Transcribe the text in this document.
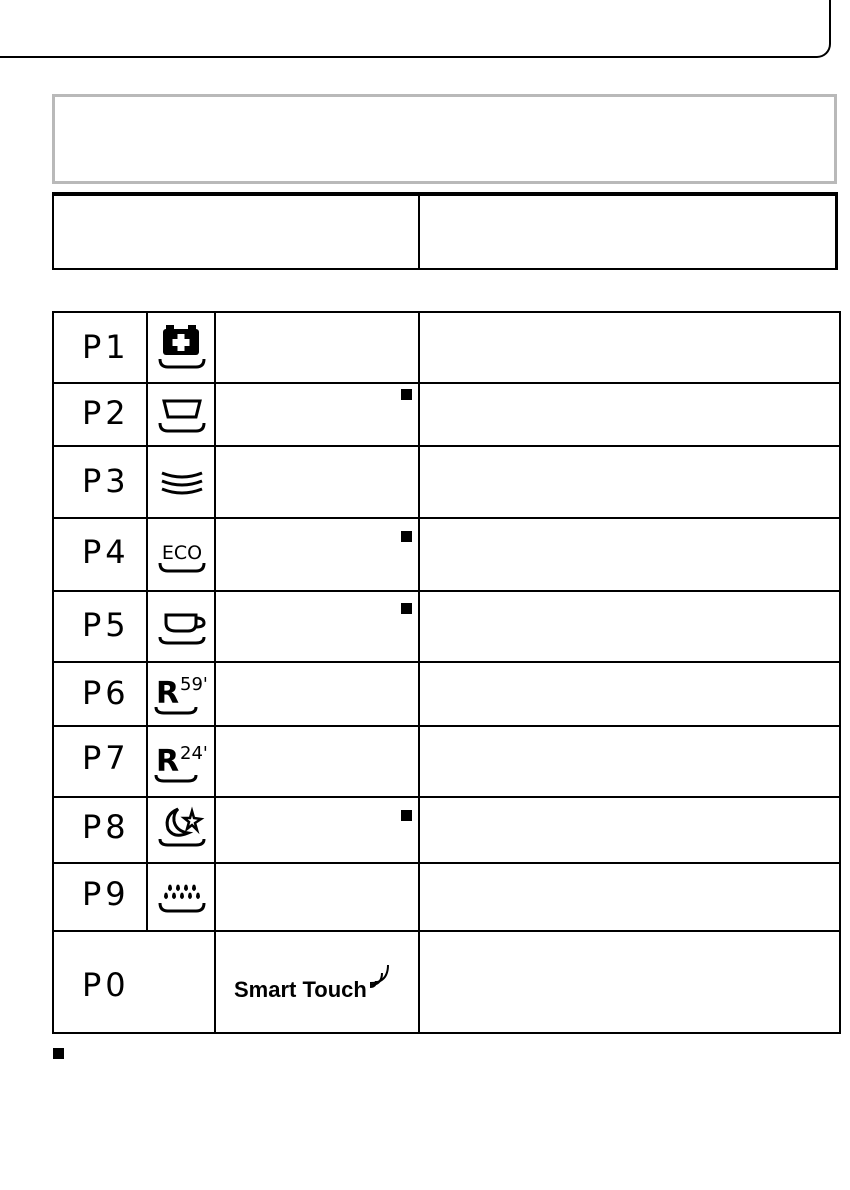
P1
P2
P3
P4
P5
P6
P7
P8
P9
P0
ECO
R 59'
R 24'
Smart Touch
